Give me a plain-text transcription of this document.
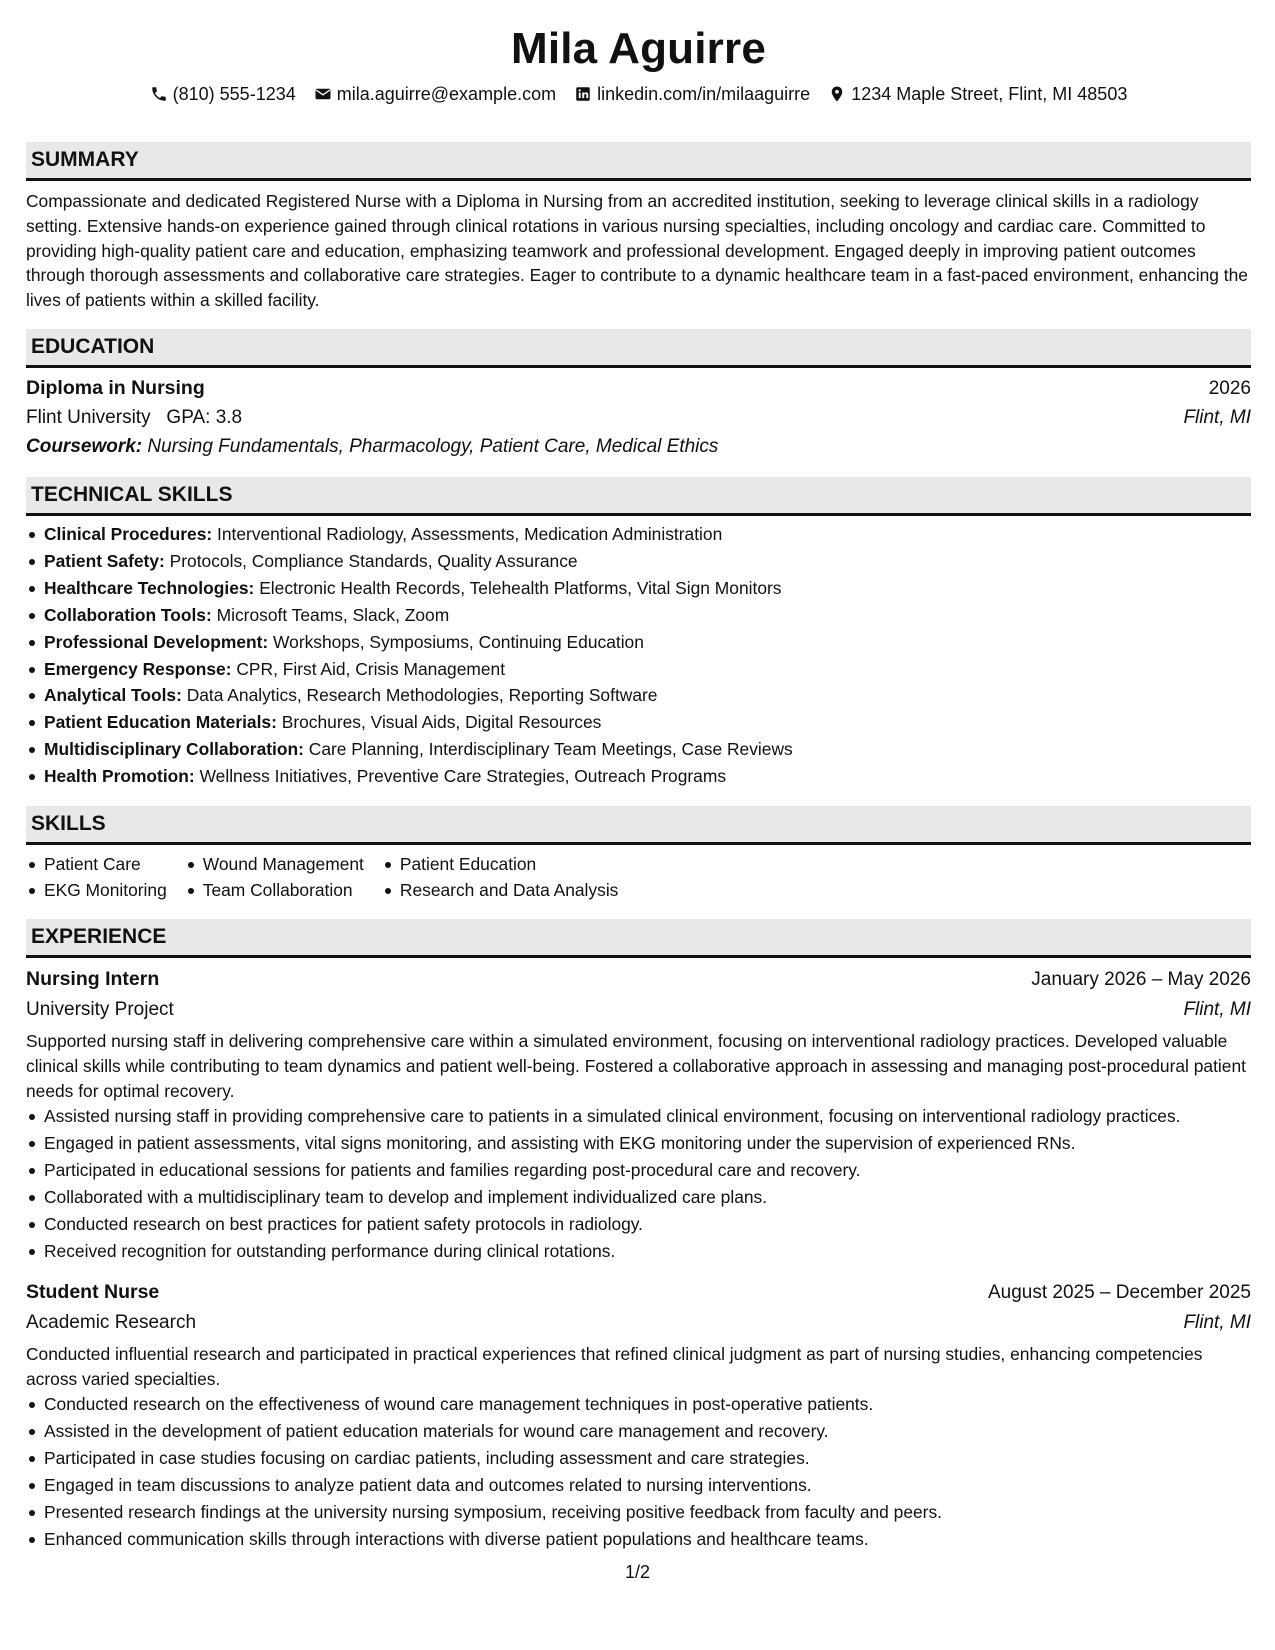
Mila Aguirre
(810) 555-1234 mila.aguirre@example.com linkedin.com/in/milaaguirre 1234 Maple Street, Flint, MI 48503
SUMMARY
Compassionate and dedicated Registered Nurse with a Diploma in Nursing from an accredited institution, seeking to leverage clinical skills in a radiology setting. Extensive hands-on experience gained through clinical rotations in various nursing specialties, including oncology and cardiac care. Committed to providing high-quality patient care and education, emphasizing teamwork and professional development. Engaged deeply in improving patient outcomes through thorough assessments and collaborative care strategies. Eager to contribute to a dynamic healthcare team in a fast-paced environment, enhancing the lives of patients within a skilled facility.
EDUCATION
Diploma in Nursing	2026
Flint University GPA: 3.8	Flint, MI
Coursework: Nursing Fundamentals, Pharmacology, Patient Care, Medical Ethics
TECHNICAL SKILLS
Clinical Procedures: Interventional Radiology, Assessments, Medication Administration
Patient Safety: Protocols, Compliance Standards, Quality Assurance
Healthcare Technologies: Electronic Health Records, Telehealth Platforms, Vital Sign Monitors
Collaboration Tools: Microsoft Teams, Slack, Zoom
Professional Development: Workshops, Symposiums, Continuing Education
Emergency Response: CPR, First Aid, Crisis Management
Analytical Tools: Data Analytics, Research Methodologies, Reporting Software
Patient Education Materials: Brochures, Visual Aids, Digital Resources
Multidisciplinary Collaboration: Care Planning, Interdisciplinary Team Meetings, Case Reviews
Health Promotion: Wellness Initiatives, Preventive Care Strategies, Outreach Programs
SKILLS
Patient Care
EKG Monitoring
Wound Management
Team Collaboration
Patient Education
Research and Data Analysis
EXPERIENCE
Nursing Intern	January 2026 – May 2026
University Project	Flint, MI
Supported nursing staff in delivering comprehensive care within a simulated environment, focusing on interventional radiology practices. Developed valuable clinical skills while contributing to team dynamics and patient well-being. Fostered a collaborative approach in assessing and managing post-procedural patient needs for optimal recovery.
Assisted nursing staff in providing comprehensive care to patients in a simulated clinical environment, focusing on interventional radiology practices.
Engaged in patient assessments, vital signs monitoring, and assisting with EKG monitoring under the supervision of experienced RNs.
Participated in educational sessions for patients and families regarding post-procedural care and recovery.
Collaborated with a multidisciplinary team to develop and implement individualized care plans.
Conducted research on best practices for patient safety protocols in radiology.
Received recognition for outstanding performance during clinical rotations.
Student Nurse	August 2025 – December 2025
Academic Research	Flint, MI
Conducted influential research and participated in practical experiences that refined clinical judgment as part of nursing studies, enhancing competencies across varied specialties.
Conducted research on the effectiveness of wound care management techniques in post-operative patients.
Assisted in the development of patient education materials for wound care management and recovery.
Participated in case studies focusing on cardiac patients, including assessment and care strategies.
Engaged in team discussions to analyze patient data and outcomes related to nursing interventions.
Presented research findings at the university nursing symposium, receiving positive feedback from faculty and peers.
Enhanced communication skills through interactions with diverse patient populations and healthcare teams.
1/2
